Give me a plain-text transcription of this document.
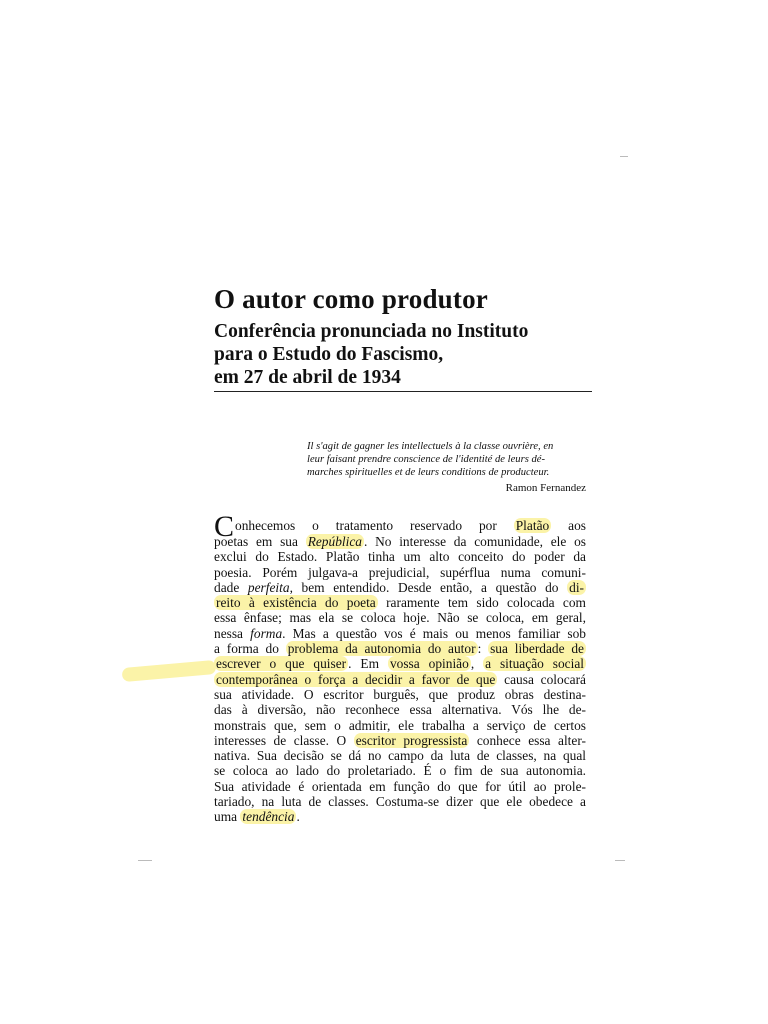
O autor como produtor
Conferência pronunciada no Instituto
para o Estudo do Fascismo,
em 27 de abril de 1934
Il s'agit de gagner les intellectuels à la classe ouvrière, en
leur faisant prendre conscience de l'identité de leurs dé-
marches spirituelles et de leurs conditions de producteur.
Ramon Fernandez
Conhecemos o tratamento reservado por Platão aos
poetas em sua República . No interesse da comunidade, ele os
exclui do Estado. Platão tinha um alto conceito do poder da
poesia. Porém julgava-a prejudicial, supérflua numa comuni-
dade perfeita, bem entendido. Desde então, a questão do di-
reito à existência do poeta raramente tem sido colocada com
essa ênfase; mas ela se coloca hoje. Não se coloca, em geral,
nessa forma. Mas a questão vos é mais ou menos familiar sob
a forma do problema da autonomia do autor : sua liberdade de
escrever o que quiser . Em vossa opinião , a situação social
contemporânea o força a decidir a favor de que causa colocará
sua atividade. O escritor burguês, que produz obras destina-
das à diversão, não reconhece essa alternativa. Vós lhe de-
monstrais que, sem o admitir, ele trabalha a serviço de certos
interesses de classe. O escritor progressista conhece essa alter-
nativa. Sua decisão se dá no campo da luta de classes, na qual
se coloca ao lado do proletariado. É o fim de sua autonomia.
Sua atividade é orientada em função do que for útil ao prole-
tariado, na luta de classes. Costuma-se dizer que ele obedece a
uma tendência .
